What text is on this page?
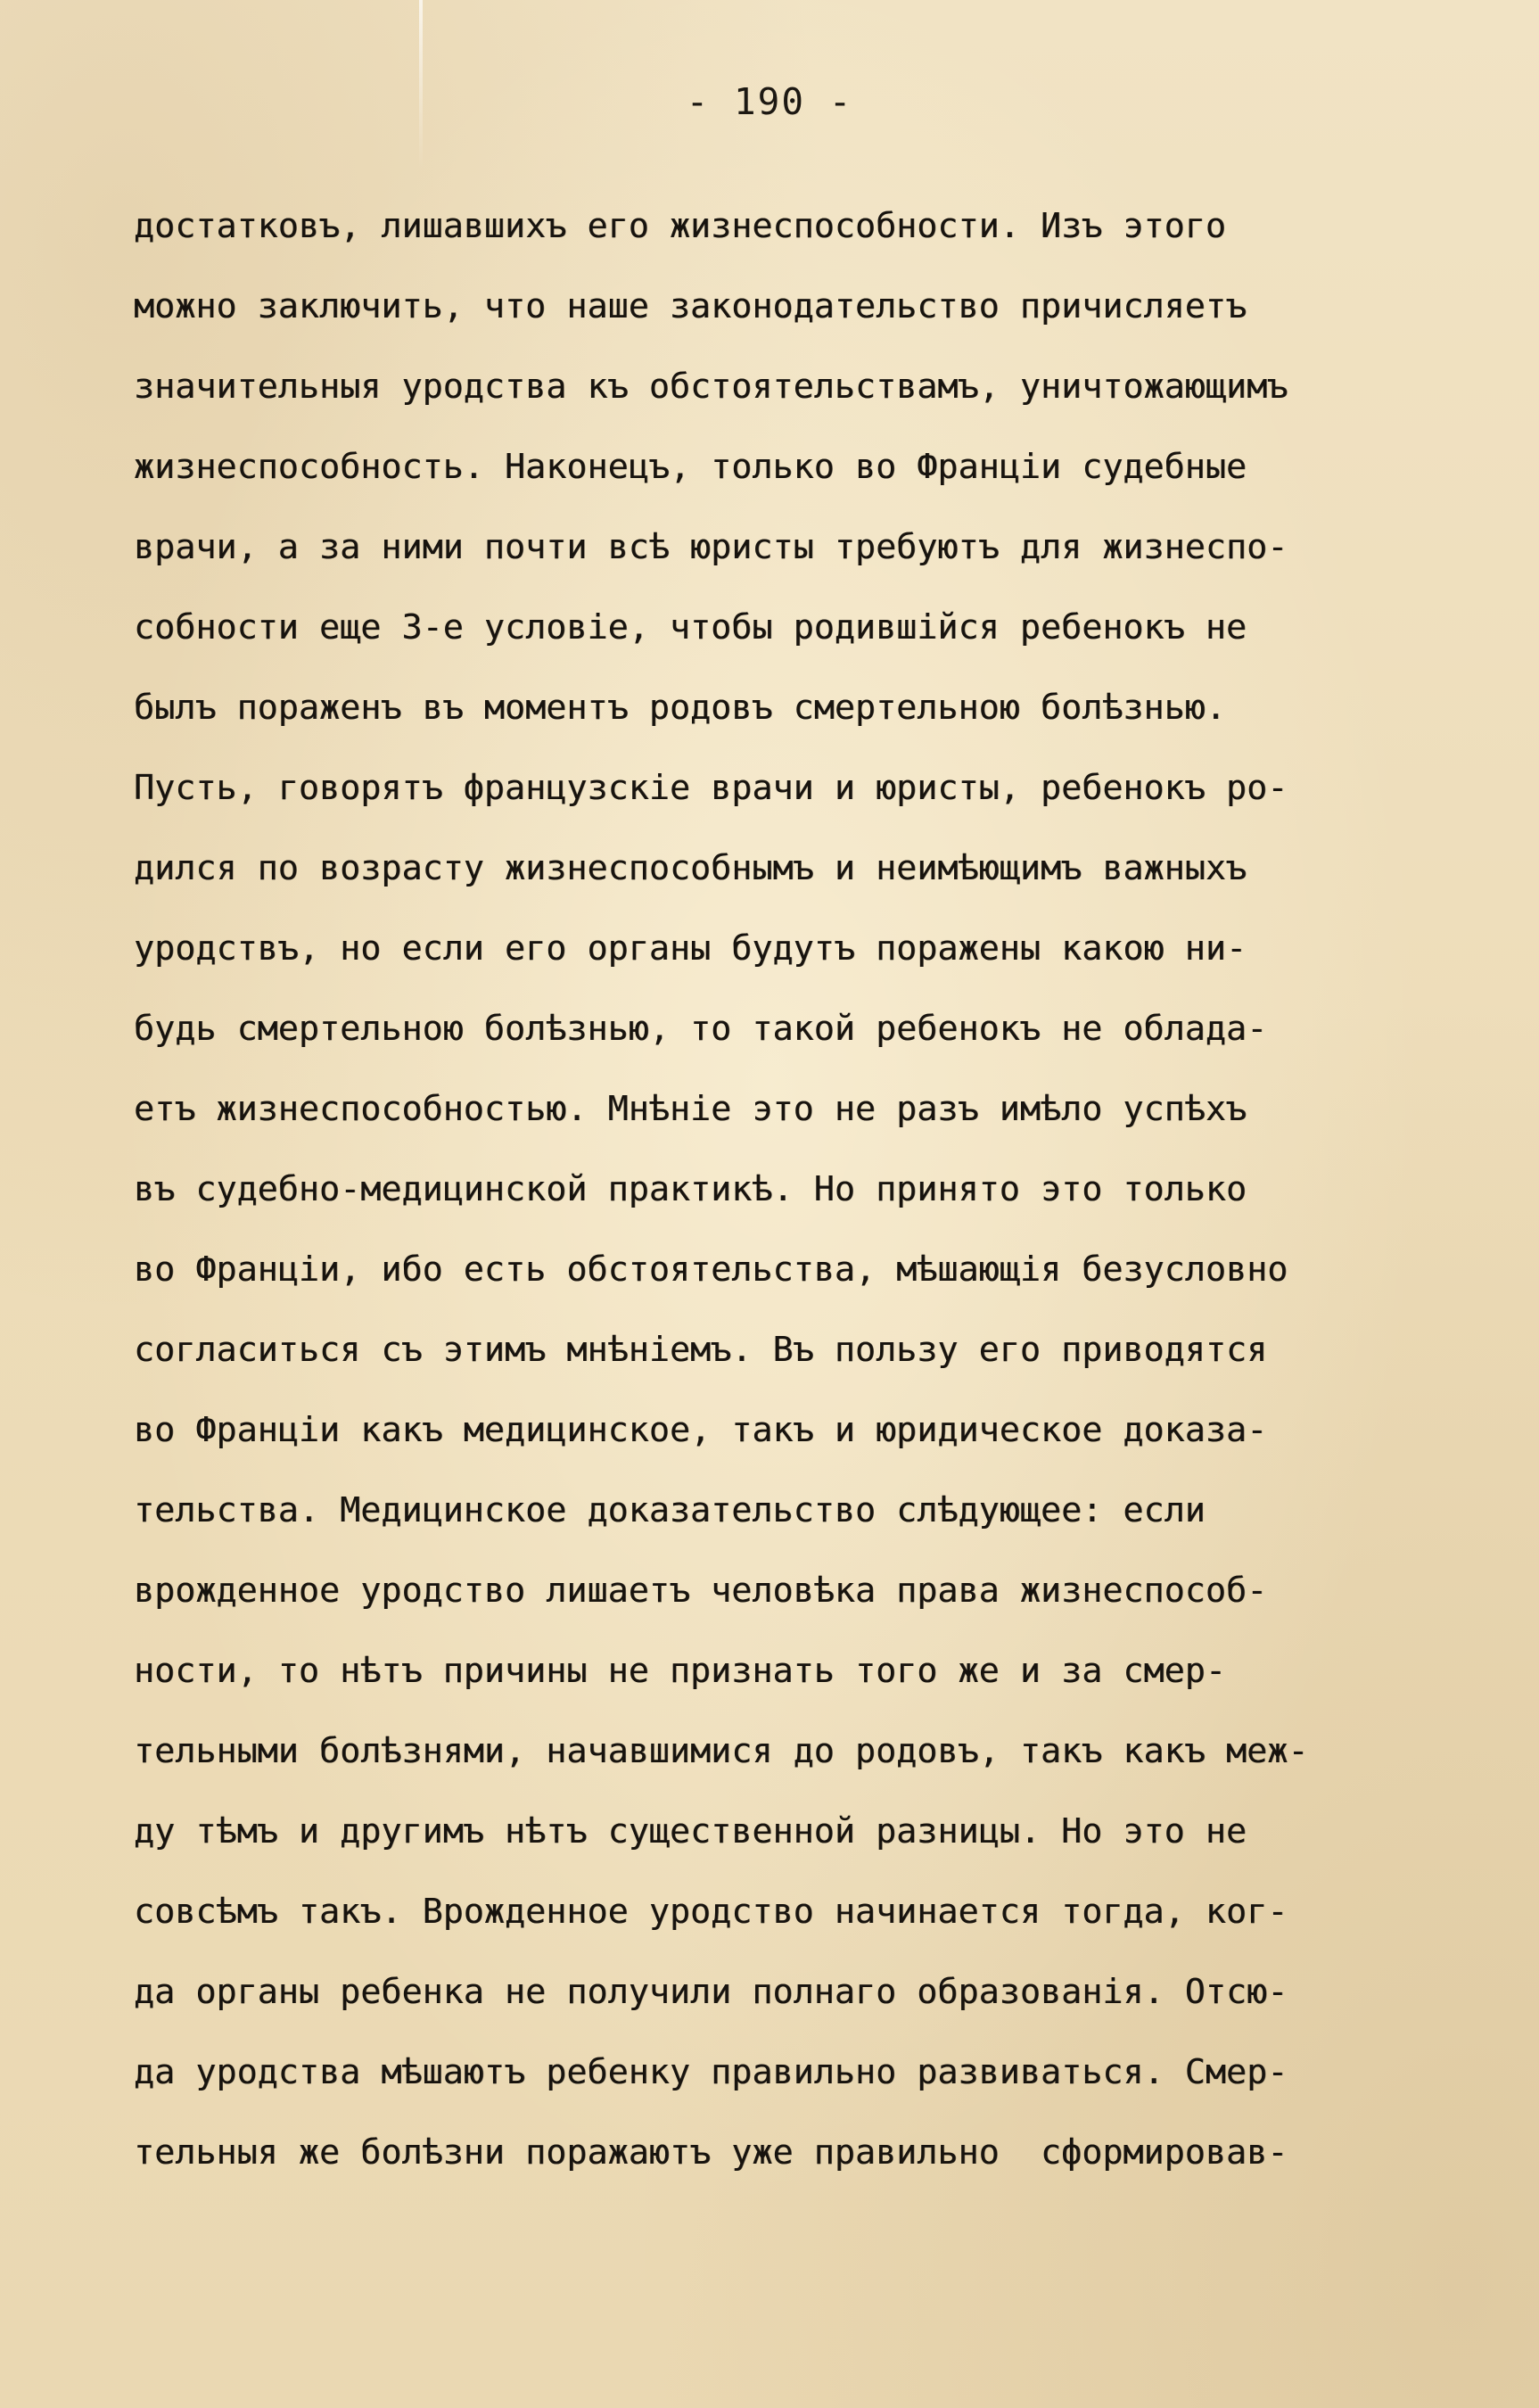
- 190 -
достатковъ, лишавшихъ его жизнеспособности. Изъ этого
можно заключить, что наше законодательство причисляетъ
значительныя уродства къ обстоятельствамъ, уничтожающимъ
жизнеспособность. Наконецъ, только во Франціи судебные
врачи, а за ними почти всѣ юристы требуютъ для жизнеспо-
собности еще 3-е условіе, чтобы родившійся ребенокъ не
былъ пораженъ въ моментъ родовъ смертельною болѣзнью.
Пусть, говорятъ французскіе врачи и юристы, ребенокъ ро-
дился по возрасту жизнеспособнымъ и неимѣющимъ важныхъ
уродствъ, но если его органы будутъ поражены какою ни-
будь смертельною болѣзнью, то такой ребенокъ не облада-
етъ жизнеспособностью. Мнѣніе это не разъ имѣло успѣхъ
въ судебно-медицинской практикѣ. Но принято это только
во Франціи, ибо есть обстоятельства, мѣшающія безусловно
согласиться съ этимъ мнѣніемъ. Въ пользу его приводятся
во Франціи какъ медицинское, такъ и юридическое доказа-
тельства. Медицинское доказательство слѣдующее: если
врожденное уродство лишаетъ человѣка права жизнеспособ-
ности, то нѣтъ причины не признать того же и за смер-
тельными болѣзнями, начавшимися до родовъ, такъ какъ меж-
ду тѣмъ и другимъ нѣтъ существенной разницы. Но это не
совсѣмъ такъ. Врожденное уродство начинается тогда, ког-
да органы ребенка не получили полнаго образованія. Отсю-
да уродства мѣшаютъ ребенку правильно развиваться. Смер-
тельныя же болѣзни поражаютъ уже правильно  сформировав-
